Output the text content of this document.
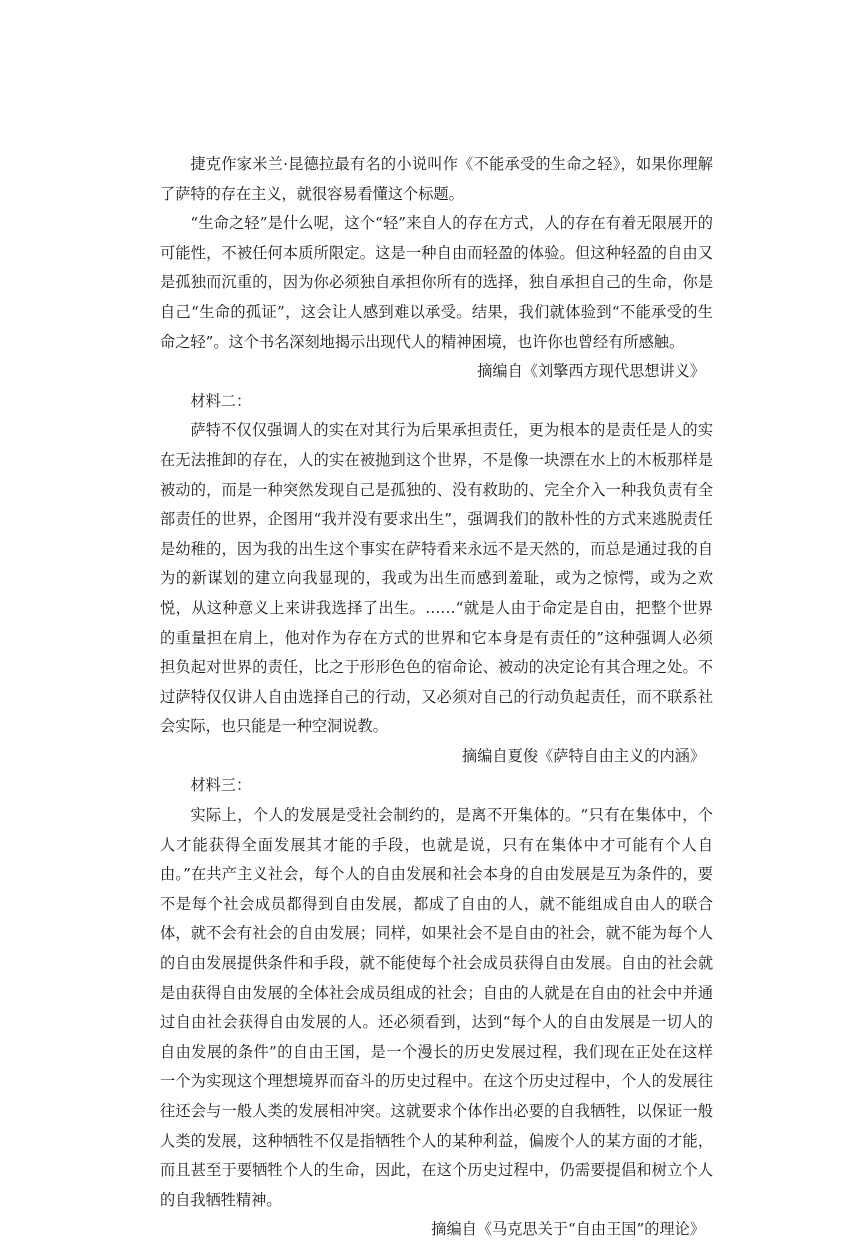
捷克作家米兰·昆德拉最有名的小说叫作《不能承受的生命之轻》，如果你理解了萨特的存在主义，就很容易看懂这个标题。

“生命之轻”是什么呢，这个“轻”来自人的存在方式，人的存在有着无限展开的可能性，不被任何本质所限定。这是一种自由而轻盈的体验。但这种轻盈的自由又是孤独而沉重的，因为你必须独自承担你所有的选择，独自承担自己的生命，你是自己“生命的孤证”，这会让人感到难以承受。结果，我们就体验到“不能承受的生命之轻”。这个书名深刻地揭示出现代人的精神困境，也许你也曾经有所感触。

摘编自《刘擎西方现代思想讲义》

材料二：

萨特不仅仅强调人的实在对其行为后果承担责任，更为根本的是责任是人的实在无法推卸的存在，人的实在被抛到这个世界，不是像一块漂在水上的木板那样是被动的，而是一种突然发现自己是孤独的、没有救助的、完全介入一种我负责有全部责任的世界，企图用“我并没有要求出生”，强调我们的散朴性的方式来逃脱责任是幼稚的，因为我的出生这个事实在萨特看来永远不是天然的，而总是通过我的自为的新谋划的建立向我显现的，我或为出生而感到羞耻，或为之惊愕，或为之欢悦，从这种意义上来讲我选择了出生。……“就是人由于命定是自由，把整个世界的重量担在肩上，他对作为存在方式的世界和它本身是有责任的”这种强调人必须担负起对世界的责任，比之于形形色色的宿命论、被动的决定论有其合理之处。不过萨特仅仅讲人自由选择自己的行动，又必须对自己的行动负起责任，而不联系社会实际，也只能是一种空洞说教。

摘编自夏俊《萨特自由主义的内涵》

材料三：

实际上，个人的发展是受社会制约的，是离不开集体的。“只有在集体中，个人才能获得全面发展其才能的手段，也就是说，只有在集体中才可能有个人自由。”在共产主义社会，每个人的自由发展和社会本身的自由发展是互为条件的，要不是每个社会成员都得到自由发展，都成了自由的人，就不能组成自由人的联合体，就不会有社会的自由发展；同样，如果社会不是自由的社会，就不能为每个人的自由发展提供条件和手段，就不能使每个社会成员获得自由发展。自由的社会就是由获得自由发展的全体社会成员组成的社会；自由的人就是在自由的社会中并通过自由社会获得自由发展的人。还必须看到，达到“每个人的自由发展是一切人的自由发展的条件”的自由王国，是一个漫长的历史发展过程，我们现在正处在这样一个为实现这个理想境界而奋斗的历史过程中。在这个历史过程中，个人的发展往往还会与一般人类的发展相冲突。这就要求个体作出必要的自我牺牲，以保证一般人类的发展，这种牺牲不仅是指牺牲个人的某种利益，偏废个人的某方面的才能，而且甚至于要牺牲个人的生命，因此，在这个历史过程中，仍需要提倡和树立个人的自我牺牲精神。

摘编自《马克思关于“自由王国”的理论》
